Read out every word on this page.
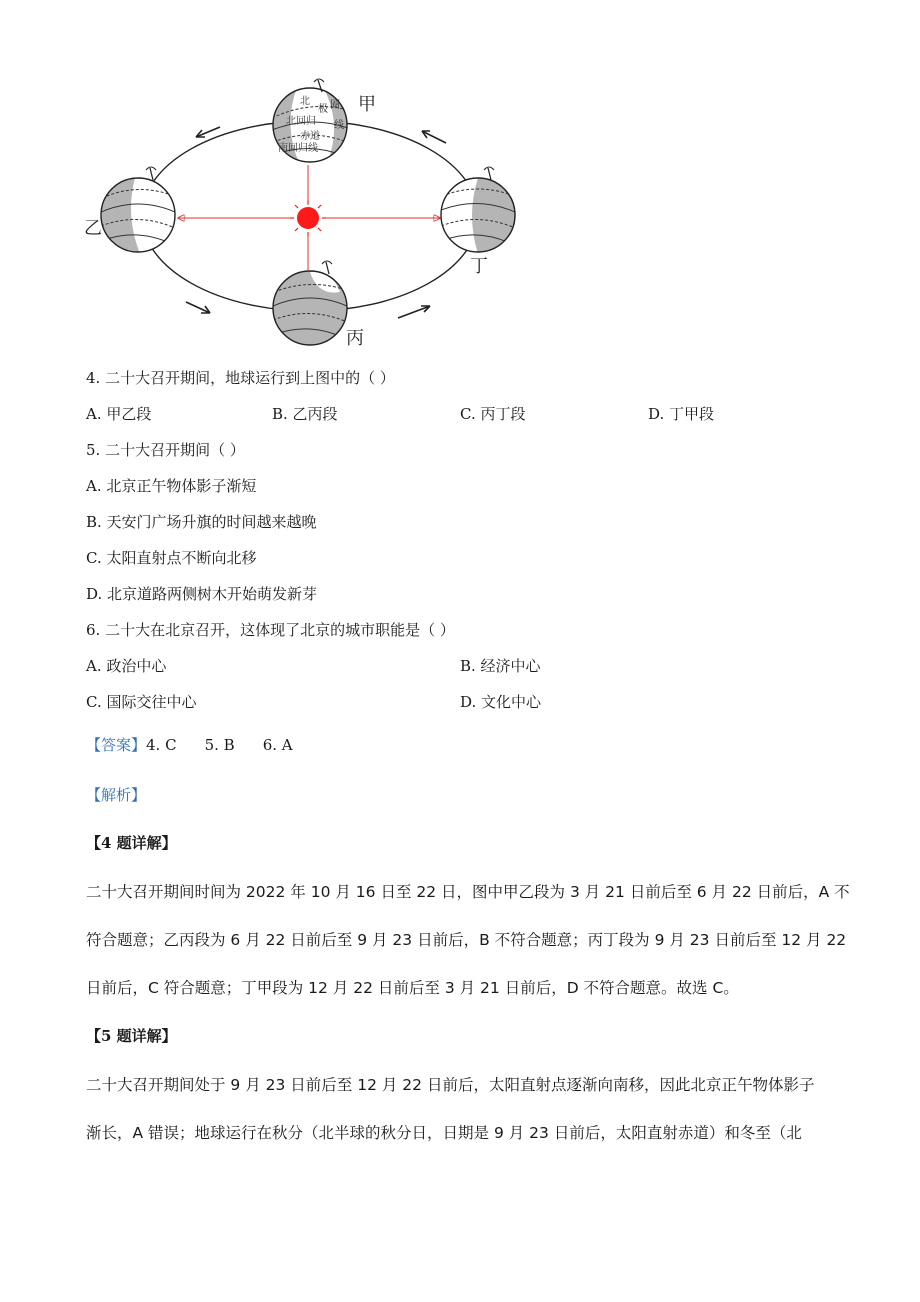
北
极 圈
北回归 线
赤道
南回归线
甲
乙
丁
丙
4. 二十大召开期间，地球运行到上图中的（ ）
A. 甲乙段	B. 乙丙段	C. 丙丁段	D. 丁甲段
5. 二十大召开期间（ ）
A. 北京正午物体影子渐短
B. 天安门广场升旗的时间越来越晚
C. 太阳直射点不断向北移
D. 北京道路两侧树木开始萌发新芽
6. 二十大在北京召开，这体现了北京的城市职能是（ ）
A. 政治中心	B. 经济中心
C. 国际交往中心	D. 文化中心
【答案】4. C 5. B 6. A
【解析】
【4 题详解】
二十大召开期间时间为 2022 年 10 月 16 日至 22 日，图中甲乙段为 3 月 21 日前后至 6 月 22 日前后，A 不
符合题意；乙丙段为 6 月 22 日前后至 9 月 23 日前后，B 不符合题意；丙丁段为 9 月 23 日前后至 12 月 22
日前后，C 符合题意；丁甲段为 12 月 22 日前后至 3 月 21 日前后，D 不符合题意。故选 C。
【5 题详解】
二十大召开期间处于 9 月 23 日前后至 12 月 22 日前后，太阳直射点逐渐向南移，因此北京正午物体影子
渐长，A 错误；地球运行在秋分（北半球的秋分日，日期是 9 月 23 日前后，太阳直射赤道）和冬至（北
